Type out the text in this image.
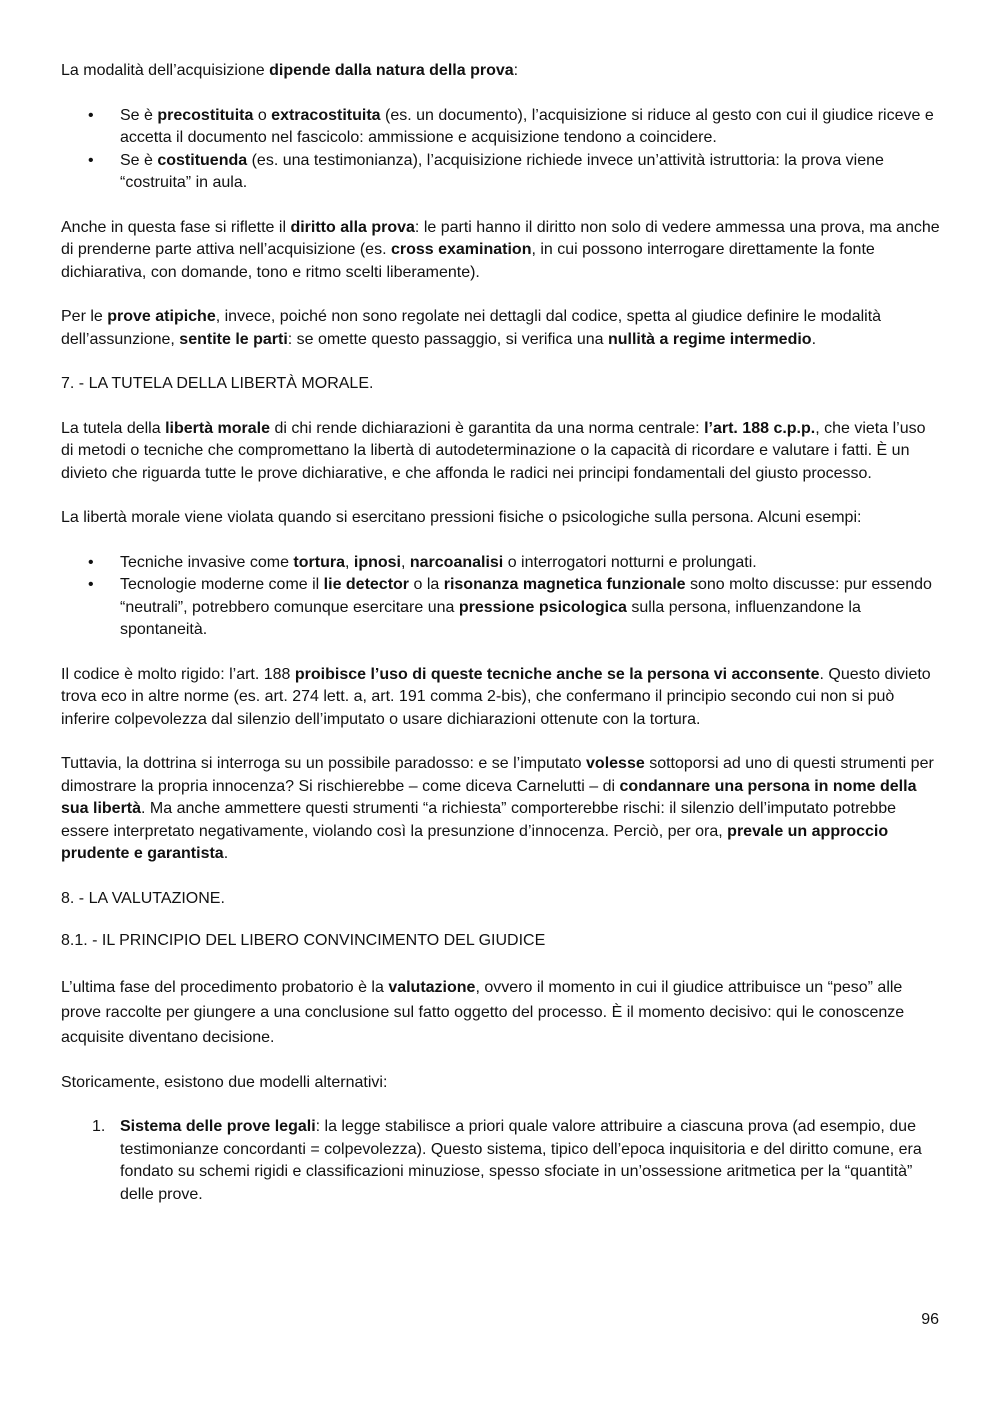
La modalità dell’acquisizione dipende dalla natura della prova:

• Se è precostituita o extracostituita (es. un documento), l’acquisizione si riduce al gesto con cui il giudice riceve e accetta il documento nel fascicolo: ammissione e acquisizione tendono a coincidere.
• Se è costituenda (es. una testimonianza), l’acquisizione richiede invece un’attività istruttoria: la prova viene “costruita” in aula.

Anche in questa fase si riflette il diritto alla prova: le parti hanno il diritto non solo di vedere ammessa una prova, ma anche di prenderne parte attiva nell’acquisizione (es. cross examination, in cui possono interrogare direttamente la fonte dichiarativa, con domande, tono e ritmo scelti liberamente).

Per le prove atipiche, invece, poiché non sono regolate nei dettagli dal codice, spetta al giudice definire le modalità dell’assunzione, sentite le parti: se omette questo passaggio, si verifica una nullità a regime intermedio.

7. - LA TUTELA DELLA LIBERTÀ MORALE.

La tutela della libertà morale di chi rende dichiarazioni è garantita da una norma centrale: l’art. 188 c.p.p., che vieta l’uso di metodi o tecniche che compromettano la libertà di autodeterminazione o la capacità di ricordare e valutare i fatti. È un divieto che riguarda tutte le prove dichiarative, e che affonda le radici nei principi fondamentali del giusto processo.

La libertà morale viene violata quando si esercitano pressioni fisiche o psicologiche sulla persona. Alcuni esempi:

• Tecniche invasive come tortura, ipnosi, narcoanalisi o interrogatori notturni e prolungati.
• Tecnologie moderne come il lie detector o la risonanza magnetica funzionale sono molto discusse: pur essendo “neutrali”, potrebbero comunque esercitare una pressione psicologica sulla persona, influenzandone la spontaneità.

Il codice è molto rigido: l’art. 188 proibisce l’uso di queste tecniche anche se la persona vi acconsente. Questo divieto trova eco in altre norme (es. art. 274 lett. a, art. 191 comma 2-bis), che confermano il principio secondo cui non si può inferire colpevolezza dal silenzio dell’imputato o usare dichiarazioni ottenute con la tortura.

Tuttavia, la dottrina si interroga su un possibile paradosso: e se l’imputato volesse sottoporsi ad uno di questi strumenti per dimostrare la propria innocenza? Si rischierebbe – come diceva Carnelutti – di condannare una persona in nome della sua libertà. Ma anche ammettere questi strumenti “a richiesta” comporterebbe rischi: il silenzio dell’imputato potrebbe essere interpretato negativamente, violando così la presunzione d’innocenza. Perciò, per ora, prevale un approccio prudente e garantista.

8. - LA VALUTAZIONE.

8.1. - IL PRINCIPIO DEL LIBERO CONVINCIMENTO DEL GIUDICE

L’ultima fase del procedimento probatorio è la valutazione, ovvero il momento in cui il giudice attribuisce un “peso” alle prove raccolte per giungere a una conclusione sul fatto oggetto del processo. È il momento decisivo: qui le conoscenze acquisite diventano decisione.

Storicamente, esistono due modelli alternativi:

1. Sistema delle prove legali: la legge stabilisce a priori quale valore attribuire a ciascuna prova (ad esempio, due testimonianze concordanti = colpevolezza). Questo sistema, tipico dell’epoca inquisitoria e del diritto comune, era fondato su schemi rigidi e classificazioni minuziose, spesso sfociate in un’ossessione aritmetica per la “quantità” delle prove.
96
